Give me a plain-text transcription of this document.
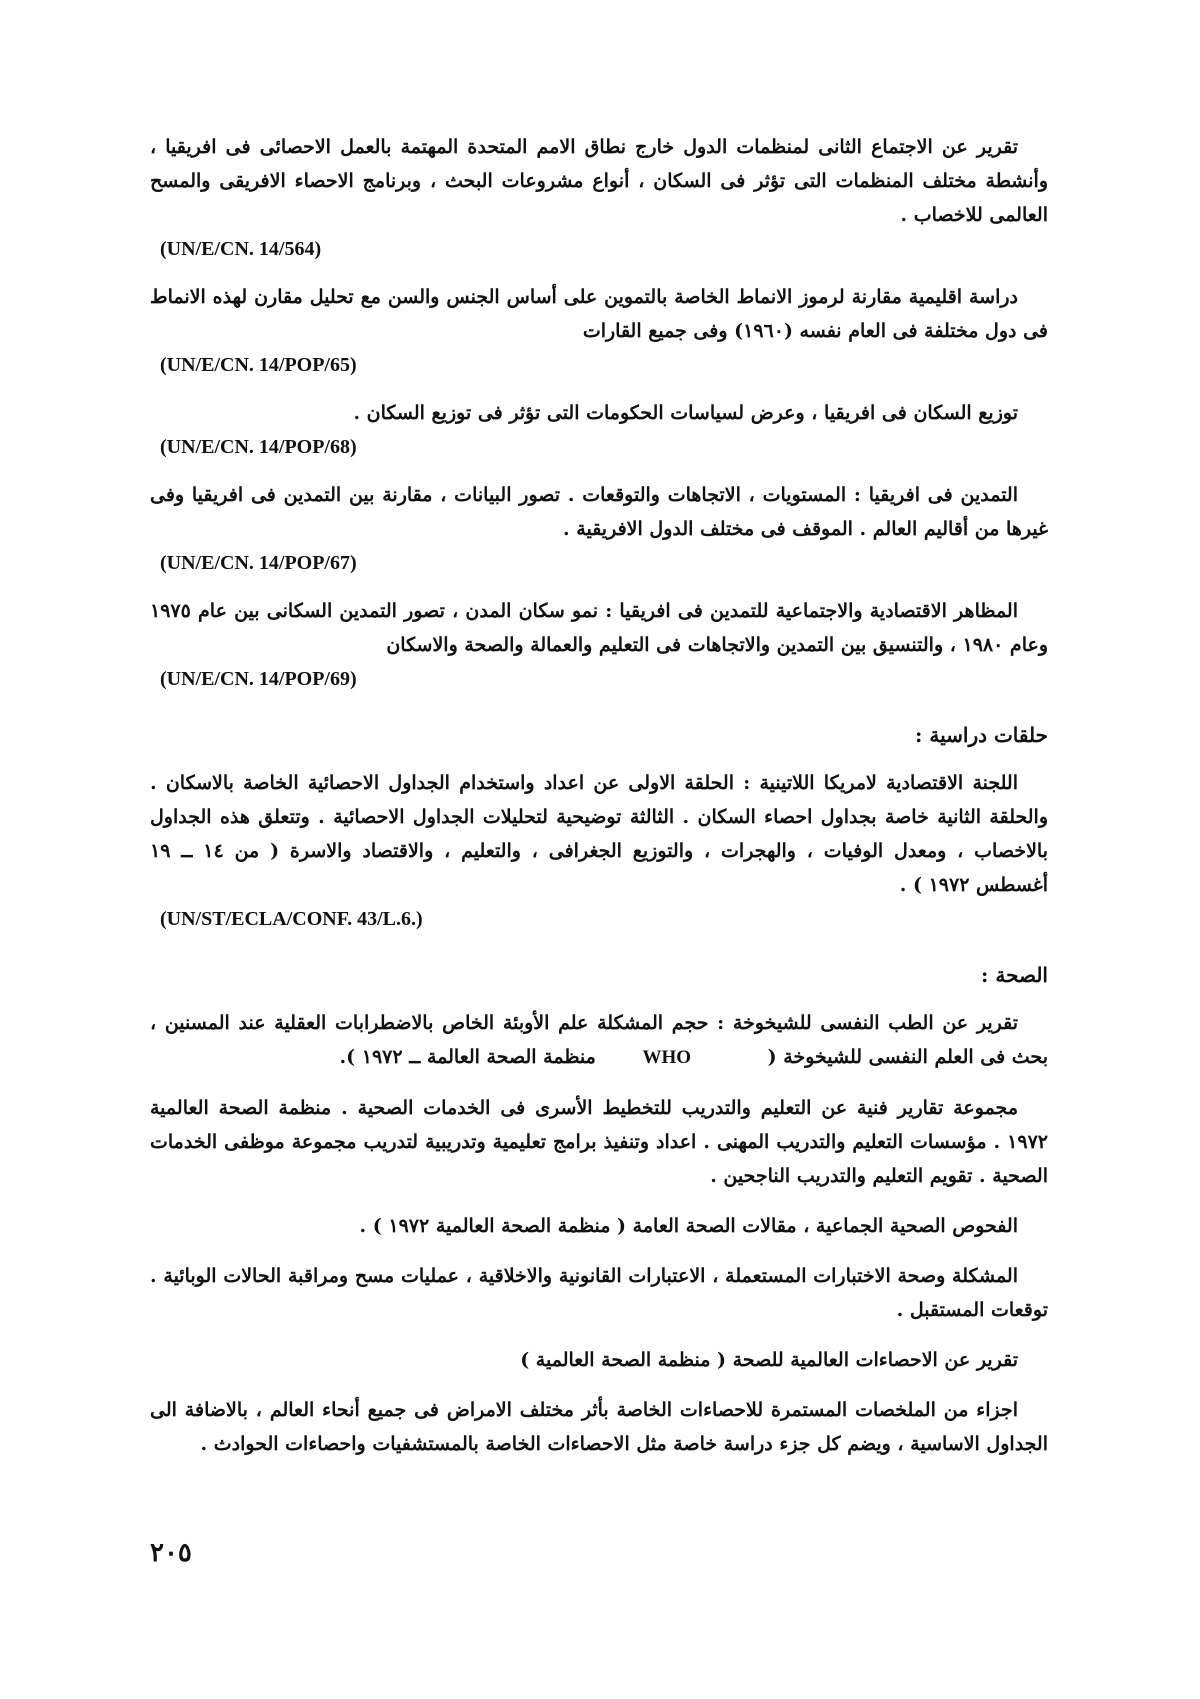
تقرير عن الاجتماع الثانى لمنظمات الدول خارج نطاق الامم المتحدة المهتمة بالعمل الاحصائى فى افريقيا ، وأنشطة مختلف المنظمات التى تؤثر فى السكان ، أنواع مشروعات البحث ، وبرنامج الاحصاء الافريقى والمسح العالمى للاخصاب .

(UN/E/CN. 14/564)

دراسة اقليمية مقارنة لرموز الانماط الخاصة بالتموين على أساس الجنس والسن مع تحليل مقارن لهذه الانماط فى دول مختلفة فى العام نفسه (١٩٦٠) وفى جميع القارات

(UN/E/CN. 14/POP/65)

توزيع السكان فى افريقيا ، وعرض لسياسات الحكومات التى تؤثر فى توزيع السكان .

(UN/E/CN. 14/POP/68)

التمدين فى افريقيا : المستويات ، الاتجاهات والتوقعات . تصور البيانات ، مقارنة بين التمدين فى افريقيا وفى غيرها من أقاليم العالم . الموقف فى مختلف الدول الافريقية .

(UN/E/CN. 14/POP/67)

المظاهر الاقتصادية والاجتماعية للتمدين فى افريقيا : نمو سكان المدن ، تصور التمدين السكانى بين عام ١٩٧٥ وعام ١٩٨٠ ، والتنسيق بين التمدين والاتجاهات فى التعليم والعمالة والصحة والاسكان

(UN/E/CN. 14/POP/69)
حلقات دراسية :

اللجنة الاقتصادية لامريكا اللاتينية : الحلقة الاولى عن اعداد واستخدام الجداول الاحصائية الخاصة بالاسكان . والحلقة الثانية خاصة بجداول احصاء السكان . الثالثة توضيحية لتحليلات الجداول الاحصائية . وتتعلق هذه الجداول بالاخصاب ، ومعدل الوفيات ، والهجرات ، والتوزيع الجغرافى ، والتعليم ، والاقتصاد والاسرة ( من ١٤ ــ ١٩ أغسطس ١٩٧٢ ) .

(UN/ST/ECLA/CONF. 43/L.6.)
الصحة :

تقرير عن الطب النفسى للشيخوخة : حجم المشكلة علم الأوبئة الخاص بالاضطرابات العقلية عند المسنين ، بحث فى العلم النفسى للشيخوخة ( WHO منظمة الصحة العالمة ــ ١٩٧٢ ).

مجموعة تقارير فنية عن التعليم والتدريب للتخطيط الأسرى فى الخدمات الصحية . منظمة الصحة العالمية ١٩٧٢ . مؤسسات التعليم والتدريب المهنى . اعداد وتنفيذ برامج تعليمية وتدريبية لتدريب مجموعة موظفى الخدمات الصحية . تقويم التعليم والتدريب الناجحين .

الفحوص الصحية الجماعية ، مقالات الصحة العامة ( منظمة الصحة العالمية ١٩٧٢ ) .

المشكلة وصحة الاختبارات المستعملة ، الاعتبارات القانونية والاخلاقية ، عمليات مسح ومراقبة الحالات الوبائية . توقعات المستقبل .

تقرير عن الاحصاءات العالمية للصحة ( منظمة الصحة العالمية )

اجزاء من الملخصات المستمرة للاحصاءات الخاصة بأثر مختلف الامراض فى جميع أنحاء العالم ، بالاضافة الى الجداول الاساسية ، ويضم كل جزء دراسة خاصة مثل الاحصاءات الخاصة بالمستشفيات واحصاءات الحوادث .

٢٠٥
